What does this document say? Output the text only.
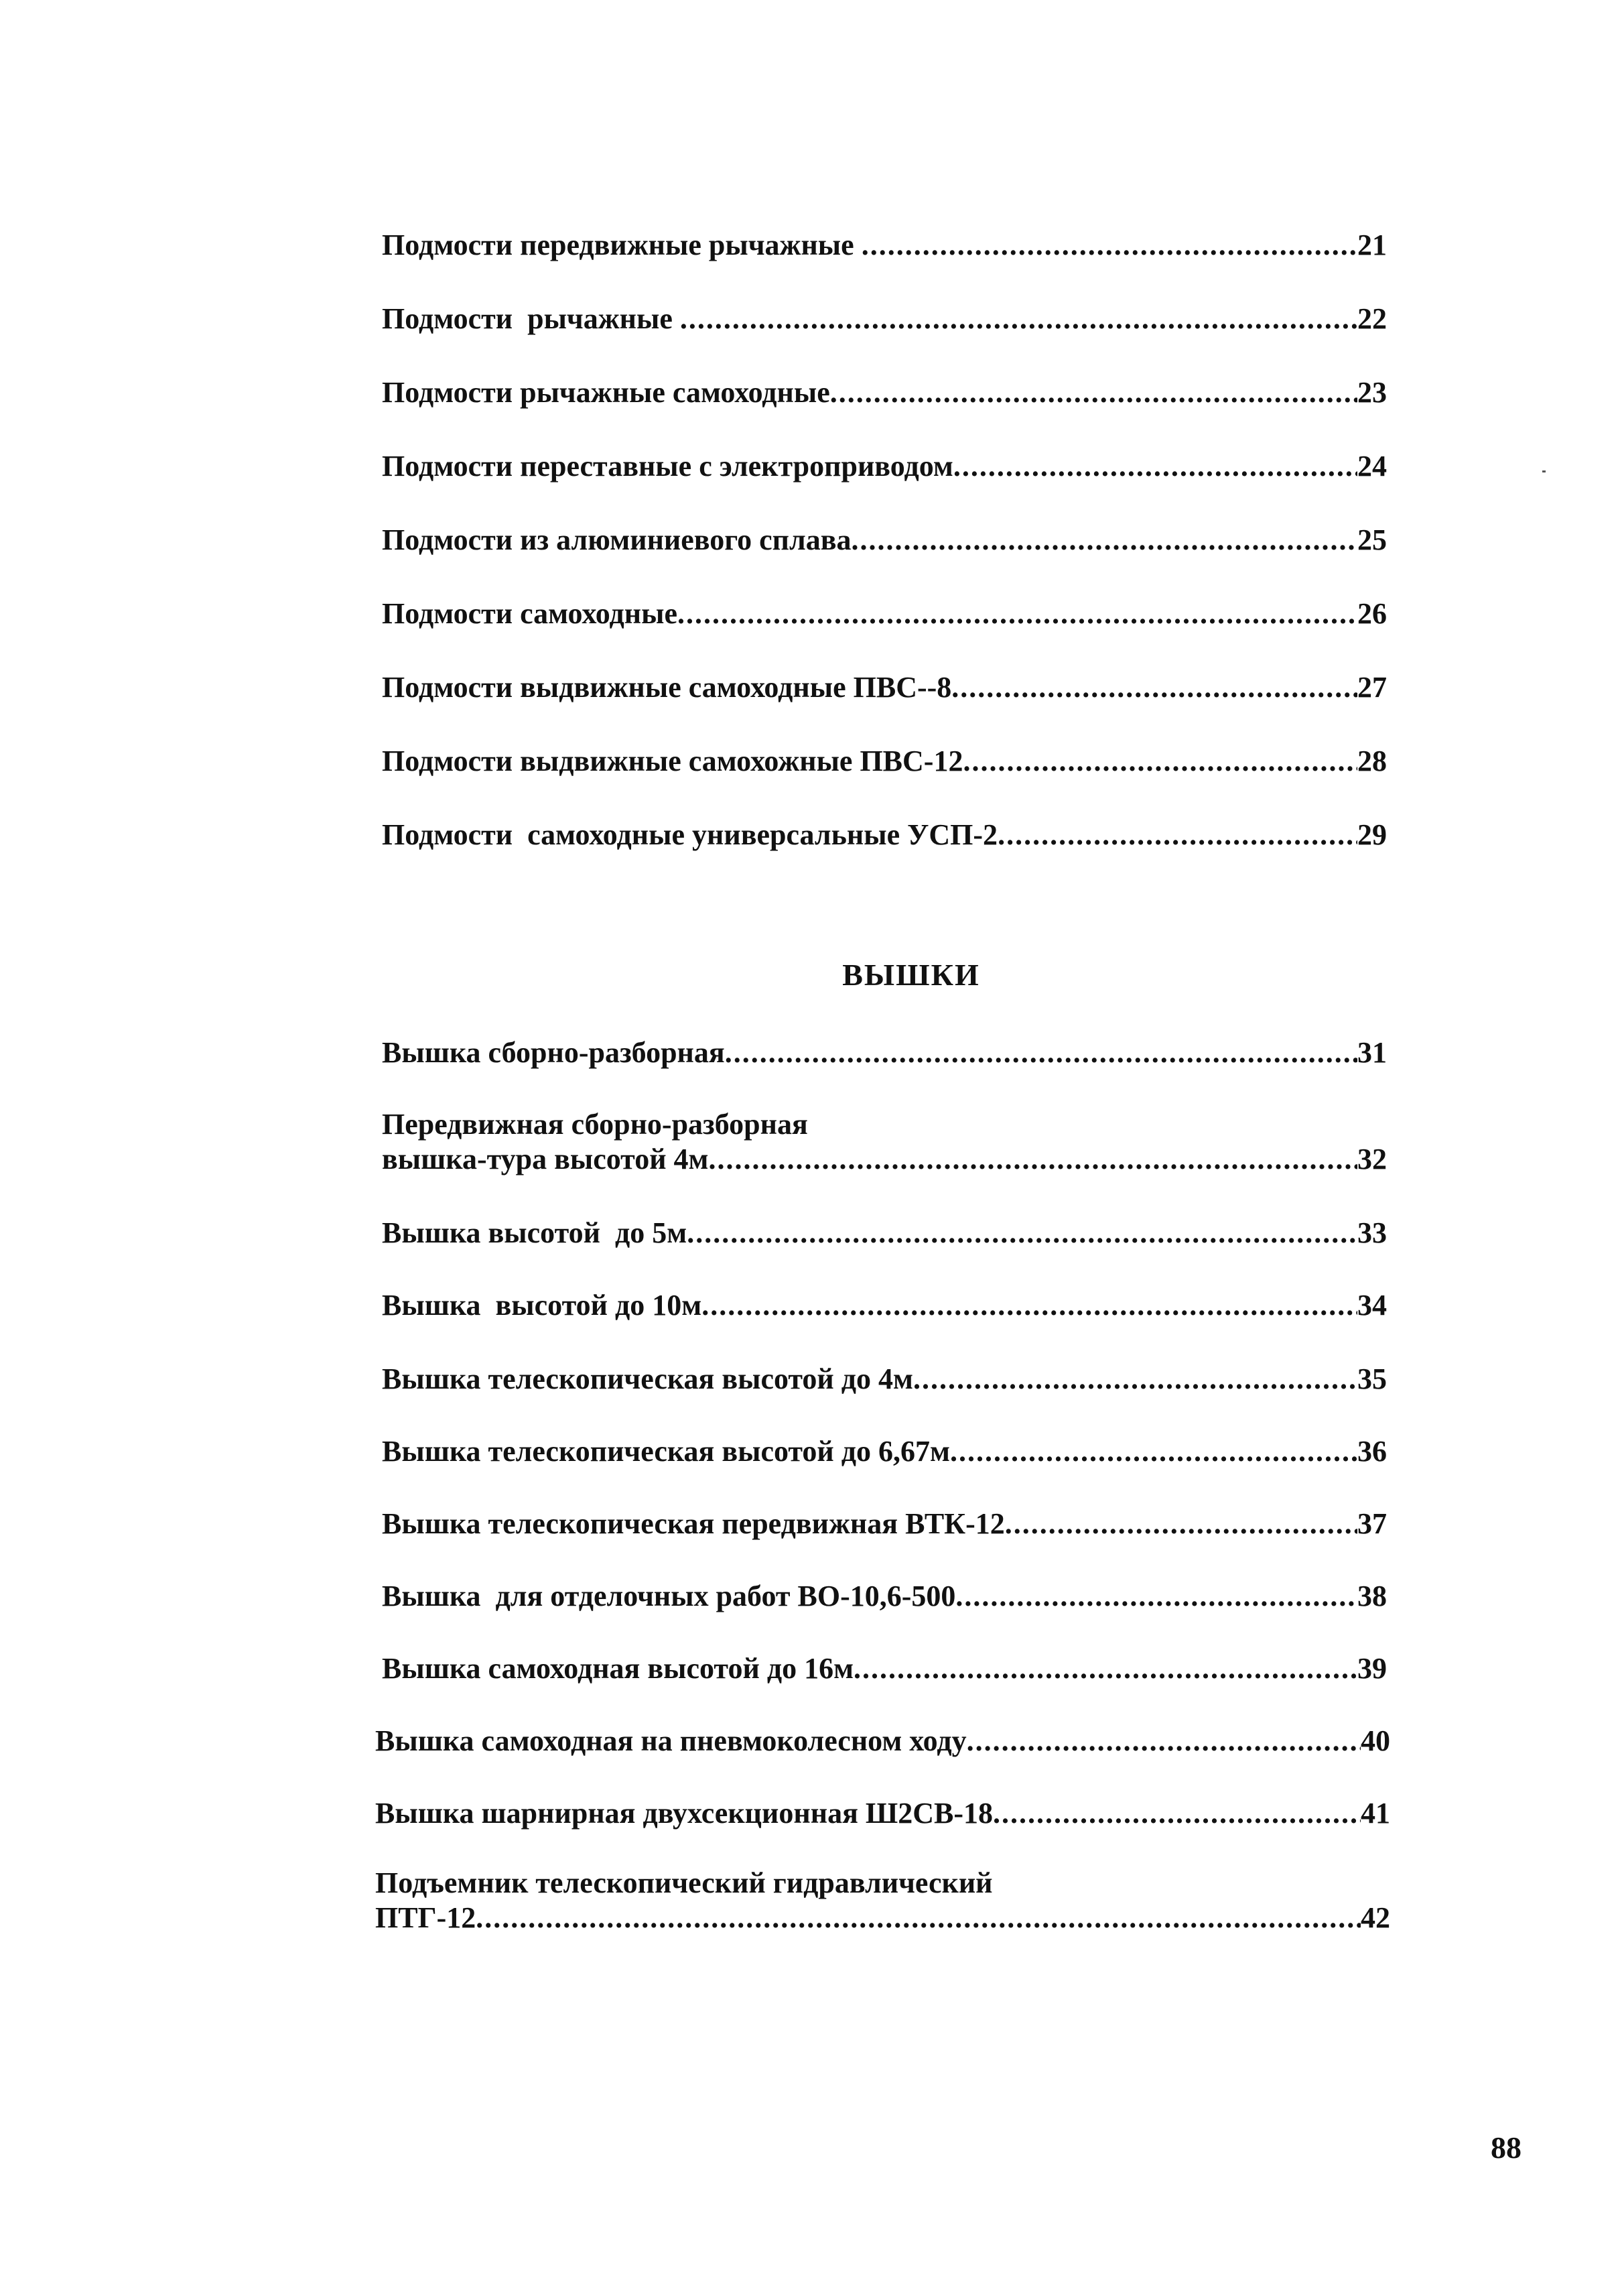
Подмости передвижные рычажные .....	21
Подмости  рычажные .....	22
Подмости рычажные самоходные .....	23
Подмости переставные с электроприводом .....	24
Подмости из алюминиевого сплава .....	25
Подмости самоходные .....	26
Подмости выдвижные самоходные ПВС--8 .....	27
Подмости выдвижные самохожные ПВС-12 .....	28
Подмости  самоходные универсальные УСП-2 .....	29
ВЫШКИ
Вышка сборно-разборная .....	31
Передвижная сборно-разборная
вышка-тура высотой 4м .....	32
Вышка высотой  до 5м .....	33
Вышка  высотой до 10м .....	34
Вышка телескопическая высотой до 4м .....	35
Вышка телескопическая высотой до 6,67м .....	36
Вышка телескопическая передвижная ВТК-12 .....	37
Вышка  для отделочных работ ВО-10,6-500 .....	38
Вышка самоходная высотой до 16м .....	39
Вышка самоходная на пневмоколесном ходу .....	40
Вышка шарнирная двухсекционная Ш2СВ-18 .....	41
Подъемник телескопический гидравлический
ПТГ-12 .....	42
88
